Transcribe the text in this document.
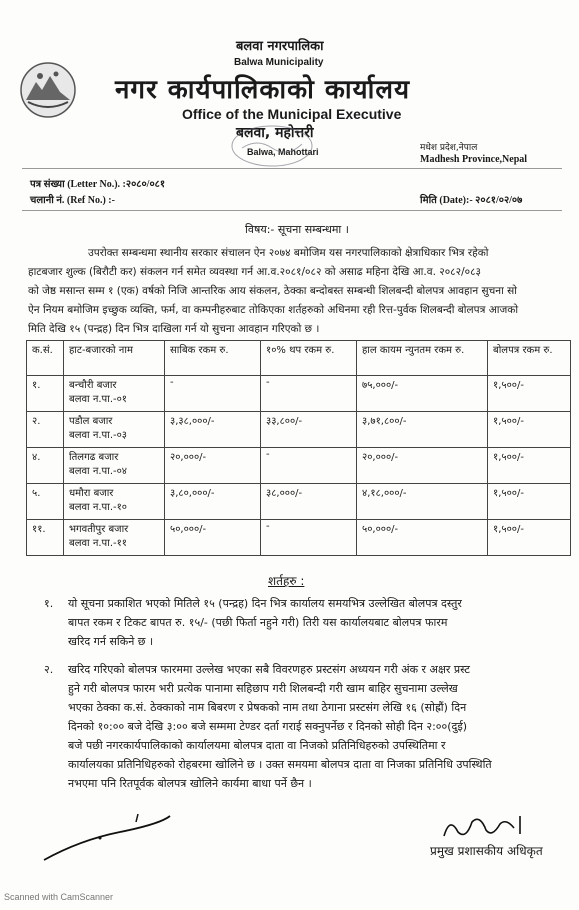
बलवा नगरपालिका
Balwa Municipality
नगर कार्यपालिकाको कार्यालय
Office of the Municipal Executive
बलवा, महोत्तरी
Balwa, Mahottari	मधेश प्रदेश,नेपाल
Madhesh Province,Nepal
पत्र संख्या (Letter No.). :२०८०/०८१
चलानी नं. (Ref No.) :-	मिति (Date):- २०८१/०२/०७
विषय:- सूचना सम्बन्धमा ।
उपरोक्त सम्बन्धमा स्थानीय सरकार संचालन ऐन २०७४ बमोजिम यस नगरपालिकाको क्षेत्राधिकार भित्र रहेको
हाटबजार शुल्क (बिरौटी कर) संकलन गर्न समेत व्यवस्था गर्न आ.व.२०८१/०८२ को असाढ महिना देखि आ.व. २०८२/०८३
को जेष्ठ मसान्त सम्म १ (एक) वर्षको निजि आन्तरिक आय संकलन, ठेक्का बन्दोबस्त सम्बन्धी शिलबन्दी बोलपत्र आवहान सुचना सो
ऐन नियम बमोजिम इच्छुक व्यक्ति, फर्म, वा कम्पनीहरुबाट तोकिएका शर्तहरुको अधिनमा रही रित्त-पुर्वक शिलबन्दी बोलपत्र आजको
मिति देखि १५ (पन्द्रह) दिन भित्र दाखिला गर्न यो सुचना आवहान गरिएको छ ।
क.सं.	हाट-बजारको नाम	साबिक रकम रु.	१०% थप रकम रु.	हाल कायम न्युनतम रकम रु.	बोलपत्र रकम रु.
१.	बन्चौरी बजार
बलवा न.पा.-०१	-	-	७५,०००/-	१,५००/-
२.	पडौल बजार
बलवा न.पा.-०३	३,३८,०००/-	३३,८००/-	३,७१,८००/-	१,५००/-
४.	तिलगढ बजार
बलवा न.पा.-०४	२०,०००/-	-	२०,०००/-	१,५००/-
५.	धमौरा बजार
बलवा न.पा.-१०	३,८०,०००/-	३८,०००/-	४,१८,०००/-	१,५००/-
११.	भगवतीपुर बजार
बलवा न.पा.-११	५०,०००/-	-	५०,०००/-	१,५००/-
शर्तहरु :
१. यो सूचना प्रकाशित भएको मितिले १५ (पन्द्रह) दिन भित्र कार्यालय समयभित्र उल्लेखित बोलपत्र दस्तुर
बापत रकम र टिकट बापत रु. १५/- (पछी फिर्ता नहुने गरी) तिरी यस कार्यालयबाट बोलपत्र फारम
खरिद गर्न सकिने छ ।
२. खरिद गरिएको बोलपत्र फारममा उल्लेख भएका सबै विवरणहरु प्रस्टसंग अध्ययन गरी अंक र अक्षर प्रस्ट
हुने गरी बोलपत्र फारम भरी प्रत्येक पानामा सहिछाप गरी शिलबन्दी गरी खाम बाहिर सुचनामा उल्लेख
भएका ठेक्का क.सं. ठेक्काको नाम बिबरण र प्रेषकको नाम तथा ठेगाना प्रस्टसंग लेखि १६ (सोह्रौं) दिन
दिनको १०:०० बजे देखि ३:०० बजे सम्ममा टेण्डर दर्ता गराई सक्नुपर्नेछ र दिनको सोही दिन २:००(दुई)
बजे पछी नगरकार्यपालिकाको कार्यालयमा बोलपत्र दाता वा निजको प्रतिनिधिहरुको उपस्थितिमा र
कार्यालयका प्रतिनिधिहरुको रोहबरमा खोलिने छ । उक्त समयमा बोलपत्र दाता वा निजका प्रतिनिधि उपस्थिति
नभएमा पनि रितपूर्वक बोलपत्र खोलिने कार्यमा बाधा पर्ने छैन ।
प्रमुख प्रशासकीय अधिकृत
Scanned with CamScanner
